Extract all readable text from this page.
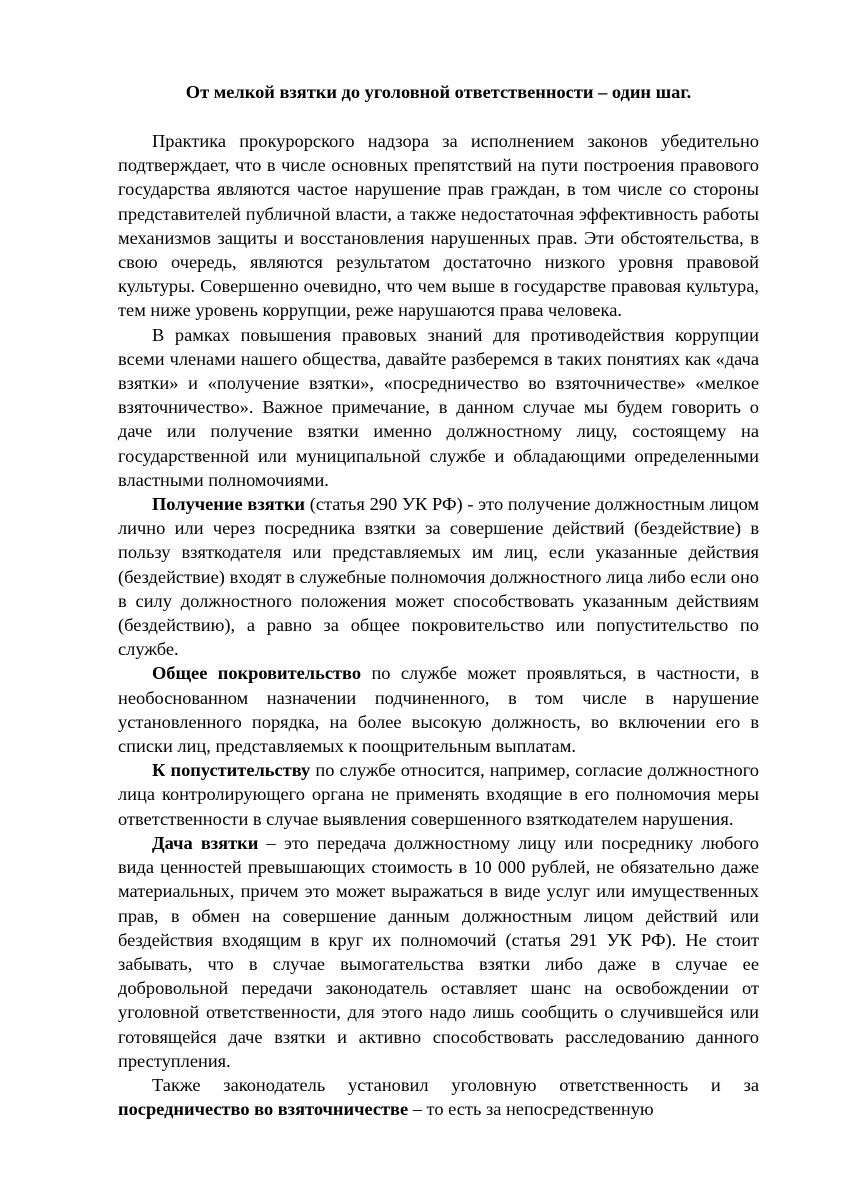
От мелкой взятки до уголовной ответственности – один шаг.

Практика прокурорского надзора за исполнением законов убедительно подтверждает, что в числе основных препятствий на пути построения правового государства являются частое нарушение прав граждан, в том числе со стороны представителей публичной власти, а также недостаточная эффективность работы механизмов защиты и восстановления нарушенных прав. Эти обстоятельства, в свою очередь, являются результатом достаточно низкого уровня правовой культуры. Совершенно очевидно, что чем выше в государстве правовая культура, тем ниже уровень коррупции, реже нарушаются права человека.

В рамках повышения правовых знаний для противодействия коррупции всеми членами нашего общества, давайте разберемся в таких понятиях как «дача взятки» и «получение взятки», «посредничество во взяточничестве» «мелкое взяточничество». Важное примечание, в данном случае мы будем говорить о даче или получение взятки именно должностному лицу, состоящему на государственной или муниципальной службе и обладающими определенными властными полномочиями.

Получение взятки (статья 290 УК РФ) - это получение должностным лицом лично или через посредника взятки за совершение действий (бездействие) в пользу взяткодателя или представляемых им лиц, если указанные действия (бездействие) входят в служебные полномочия должностного лица либо если оно в силу должностного положения может способствовать указанным действиям (бездействию), а равно за общее покровительство или попустительство по службе.

Общее покровительство по службе может проявляться, в частности, в необоснованном назначении подчиненного, в том числе в нарушение установленного порядка, на более высокую должность, во включении его в списки лиц, представляемых к поощрительным выплатам.

К попустительству по службе относится, например, согласие должностного лица контролирующего органа не применять входящие в его полномочия меры ответственности в случае выявления совершенного взяткодателем нарушения.

Дача взятки – это передача должностному лицу или посреднику любого вида ценностей превышающих стоимость в 10 000 рублей, не обязательно даже материальных, причем это может выражаться в виде услуг или имущественных прав, в обмен на совершение данным должностным лицом действий или бездействия входящим в круг их полномочий (статья 291 УК РФ). Не стоит забывать, что в случае вымогательства взятки либо даже в случае ее добровольной передачи законодатель оставляет шанс на освобождении от уголовной ответственности, для этого надо лишь сообщить о случившейся или готовящейся даче взятки и активно способствовать расследованию данного преступления.

Также законодатель установил уголовную ответственность и за посредничество во взяточничестве – то есть за непосредственную
